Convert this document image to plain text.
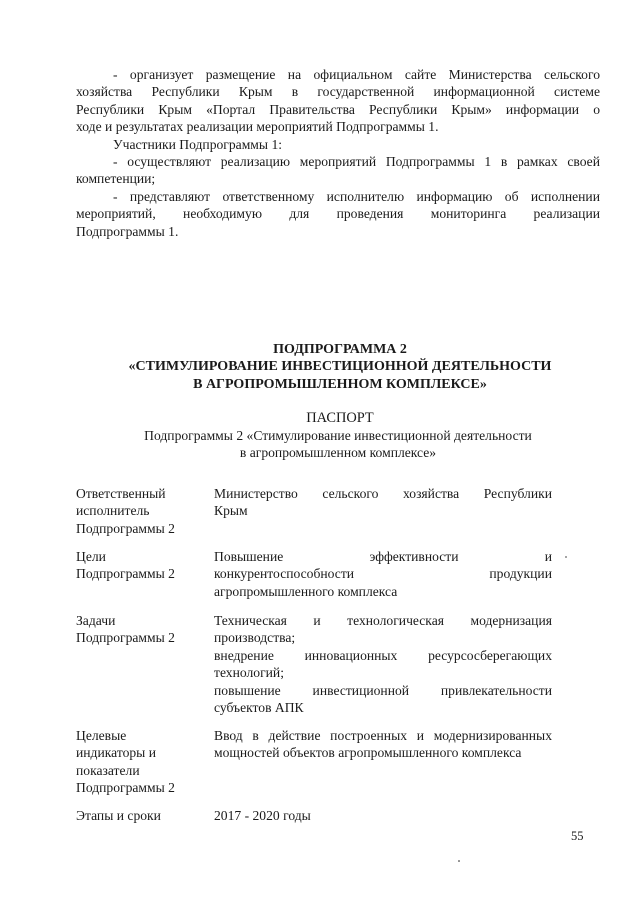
- организует размещение на официальном сайте Министерства сельского

хозяйства Республики Крым в государственной информационной системе

Республики Крым «Портал Правительства Республики Крым» информации о

ходе и результатах реализации мероприятий Подпрограммы 1.

Участники Подпрограммы 1:

- осуществляют реализацию мероприятий Подпрограммы 1 в рамках своей

компетенции;

- представляют ответственному исполнителю информацию об исполнении

мероприятий, необходимую для проведения мониторинга реализации

Подпрограммы 1.

ПОДПРОГРАММА 2
«СТИМУЛИРОВАНИЕ ИНВЕСТИЦИОННОЙ ДЕЯТЕЛЬНОСТИ
В АГРОПРОМЫШЛЕННОМ КОМПЛЕКСЕ»
ПАСПОРТ
Подпрограммы 2 «Стимулирование инвестиционной деятельности
в агропромышленном комплексе»
Ответственный
исполнитель
Подпрограммы 2
Министерство сельского хозяйства Республики
Крым
Цели
Подпрограммы 2
Повышение эффективности и
конкурентоспособности продукции
агропромышленного комплекса
Задачи
Подпрограммы 2
Техническая и технологическая модернизация
производства;
внедрение инновационных ресурсосберегающих
технологий;
повышение инвестиционной привлекательности
субъектов АПК
Целевые
индикаторы и
показатели
Подпрограммы 2
Ввод в действие построенных и модернизированных
мощностей объектов агропромышленного комплекса
Этапы и сроки	2017 - 2020 годы
55
